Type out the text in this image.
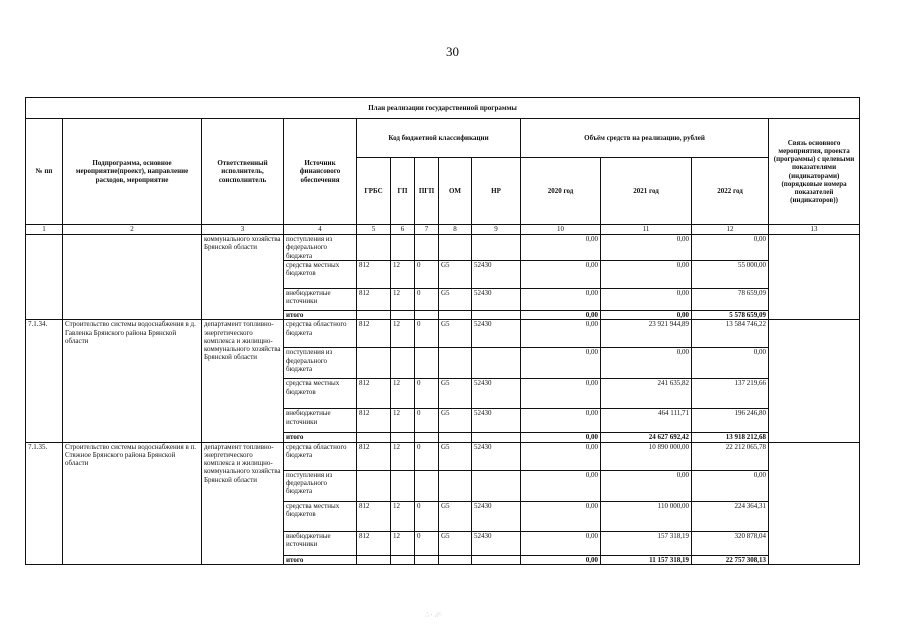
30
План реализации государственной программы												
№ пп	Подпрограмма, основное мероприятие(проект), направление расходов, мероприятие	Ответственный исполнитель, соисполнитель	Источник финансового обеспечения	Код бюджетной классификации					Объём средств на реализацию, рублей			Связь основного мероприятия, проекта (программы) с целевыми показателями (индикаторами) (порядковые номера показателей (индикаторов))
				ГРБС	ГП	ПГП	ОМ	НР	2020 год	2021 год	2022 год	
1	2	3	4	5	6	7	8	9	10	11	12	13
		коммунального хозяйства Брянской области	поступления из федерального бюджета						0,00	0,00	0,00	
			средства местных бюджетов	812	12	0	G5	52430	0,00	0,00	55 000,00	
			внебюджетные источники	812	12	0	G5	52430	0,00	0,00	78 659,09	
			итого						0,00	0,00	5 578 659,09	
7.1.34.	Строительство системы водоснабжения в д. Гавленка Брянского района Брянской области	департамент топливно-энергетического комплекса и жилищно-коммунального хозяйства Брянской области	средства областного бюджета	812	12	0	G5	52430	0,00	23 921 944,89	13 584 746,22	
			поступления из федерального бюджета						0,00	0,00	0,00	
			средства местных бюджетов	812	12	0	G5	52430	0,00	241 635,82	137 219,66	
			внебюджетные источники	812	12	0	G5	52430	0,00	464 111,71	196 246,80	
			итого						0,00	24 627 692,42	13 918 212,68	
7.1.35.	Строительство системы водоснабжения в п. Стяжное Брянского района Брянской области	департамент топливно-энергетического комплекса и жилищно-коммунального хозяйства Брянской области	средства областного бюджета	812	12	0	G5	52430	0,00	10 890 000,00	22 212 065,78	
			поступления из федерального бюджета						0,00	0,00	0,00	
			средства местных бюджетов	812	12	0	G5	52430	0,00	110 000,00	224 364,31	
			внебюджетные источники	812	12	0	G5	52430	0,00	157 318,19	320 878,04	
			итого						0,00	11 157 318,19	22 757 308,13	
∴∙ ⁄⁄∙
